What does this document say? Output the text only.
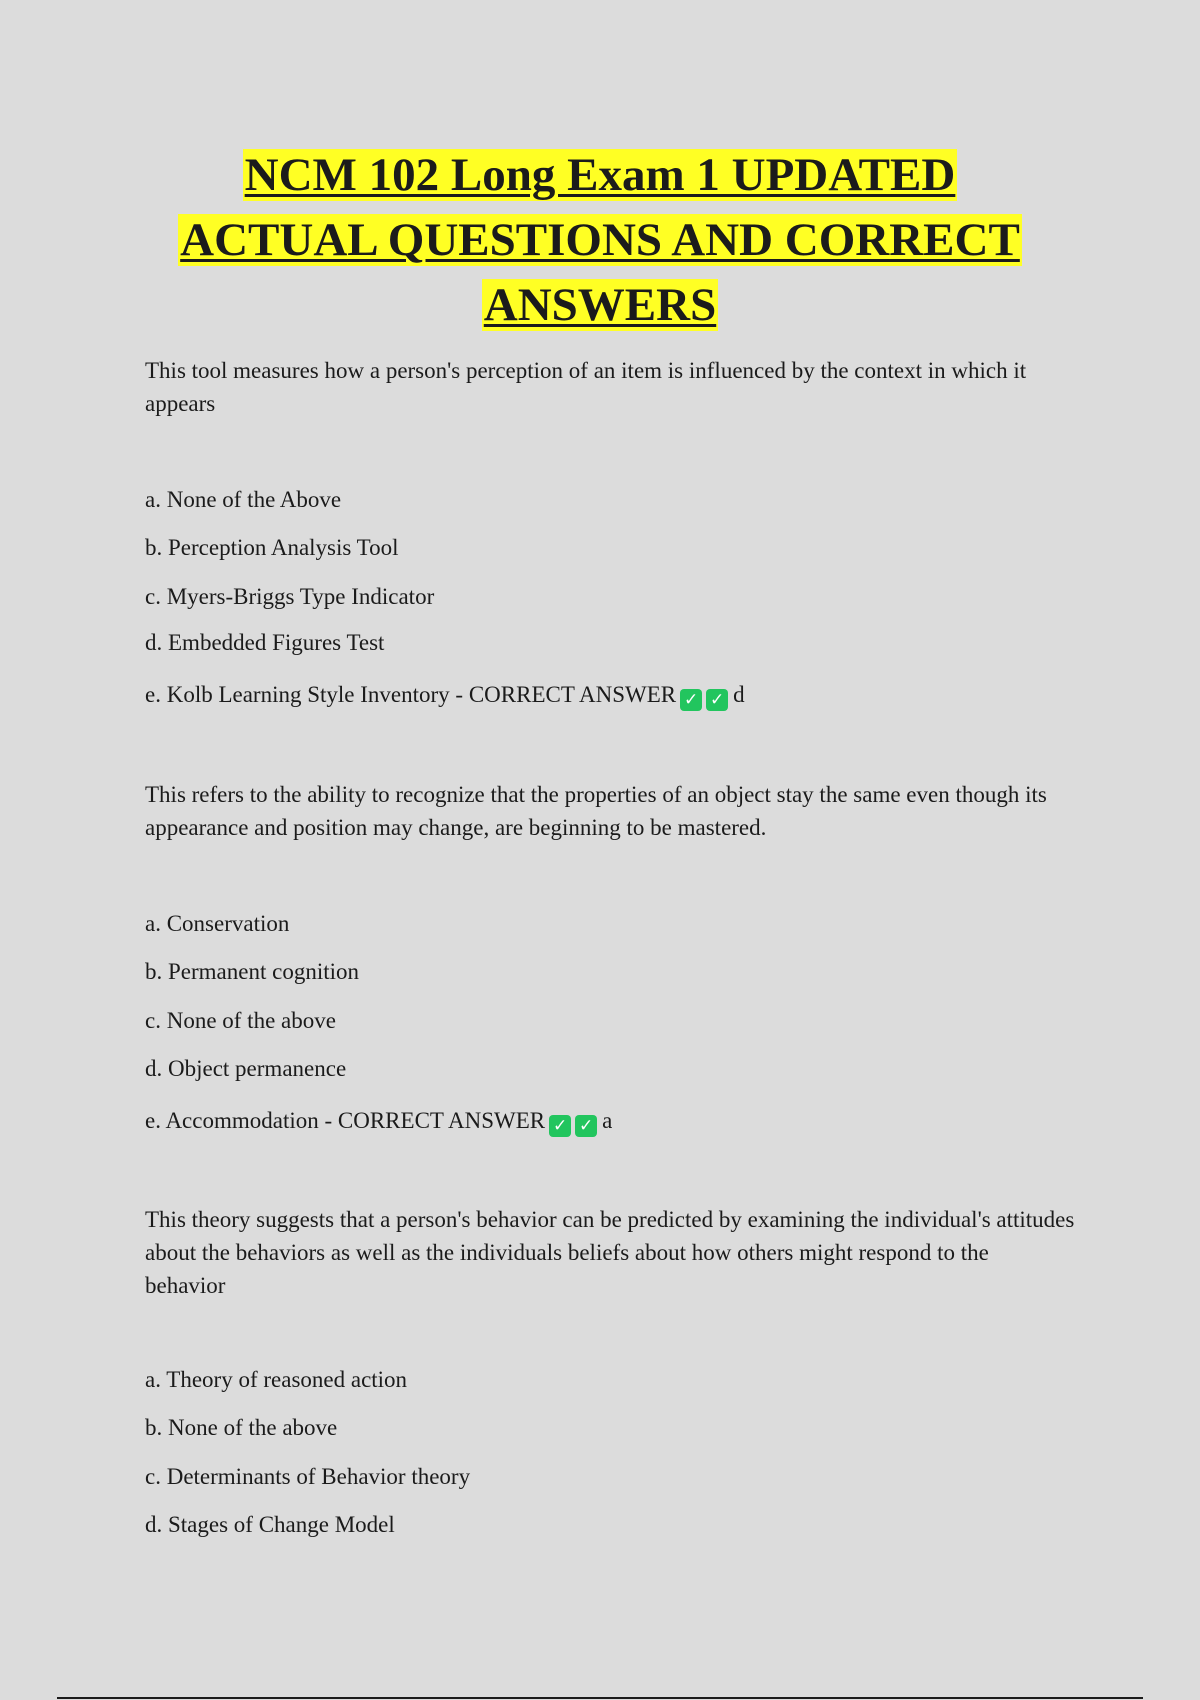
NCM 102 Long Exam 1 UPDATED
ACTUAL QUESTIONS AND CORRECT
ANSWERS

This tool measures how a person's perception of an item is influenced by the context in which it appears

a. None of the Above
b. Perception Analysis Tool
c. Myers-Briggs Type Indicator
d. Embedded Figures Test
e. Kolb Learning Style Inventory - CORRECT ANSWER ✓ ✓ d

This refers to the ability to recognize that the properties of an object stay the same even though its appearance and position may change, are beginning to be mastered.

a. Conservation
b. Permanent cognition
c. None of the above
d. Object permanence
e. Accommodation - CORRECT ANSWER ✓ ✓ a

This theory suggests that a person's behavior can be predicted by examining the individual's attitudes about the behaviors as well as the individuals beliefs about how others might respond to the behavior

a. Theory of reasoned action
b. None of the above
c. Determinants of Behavior theory
d. Stages of Change Model
